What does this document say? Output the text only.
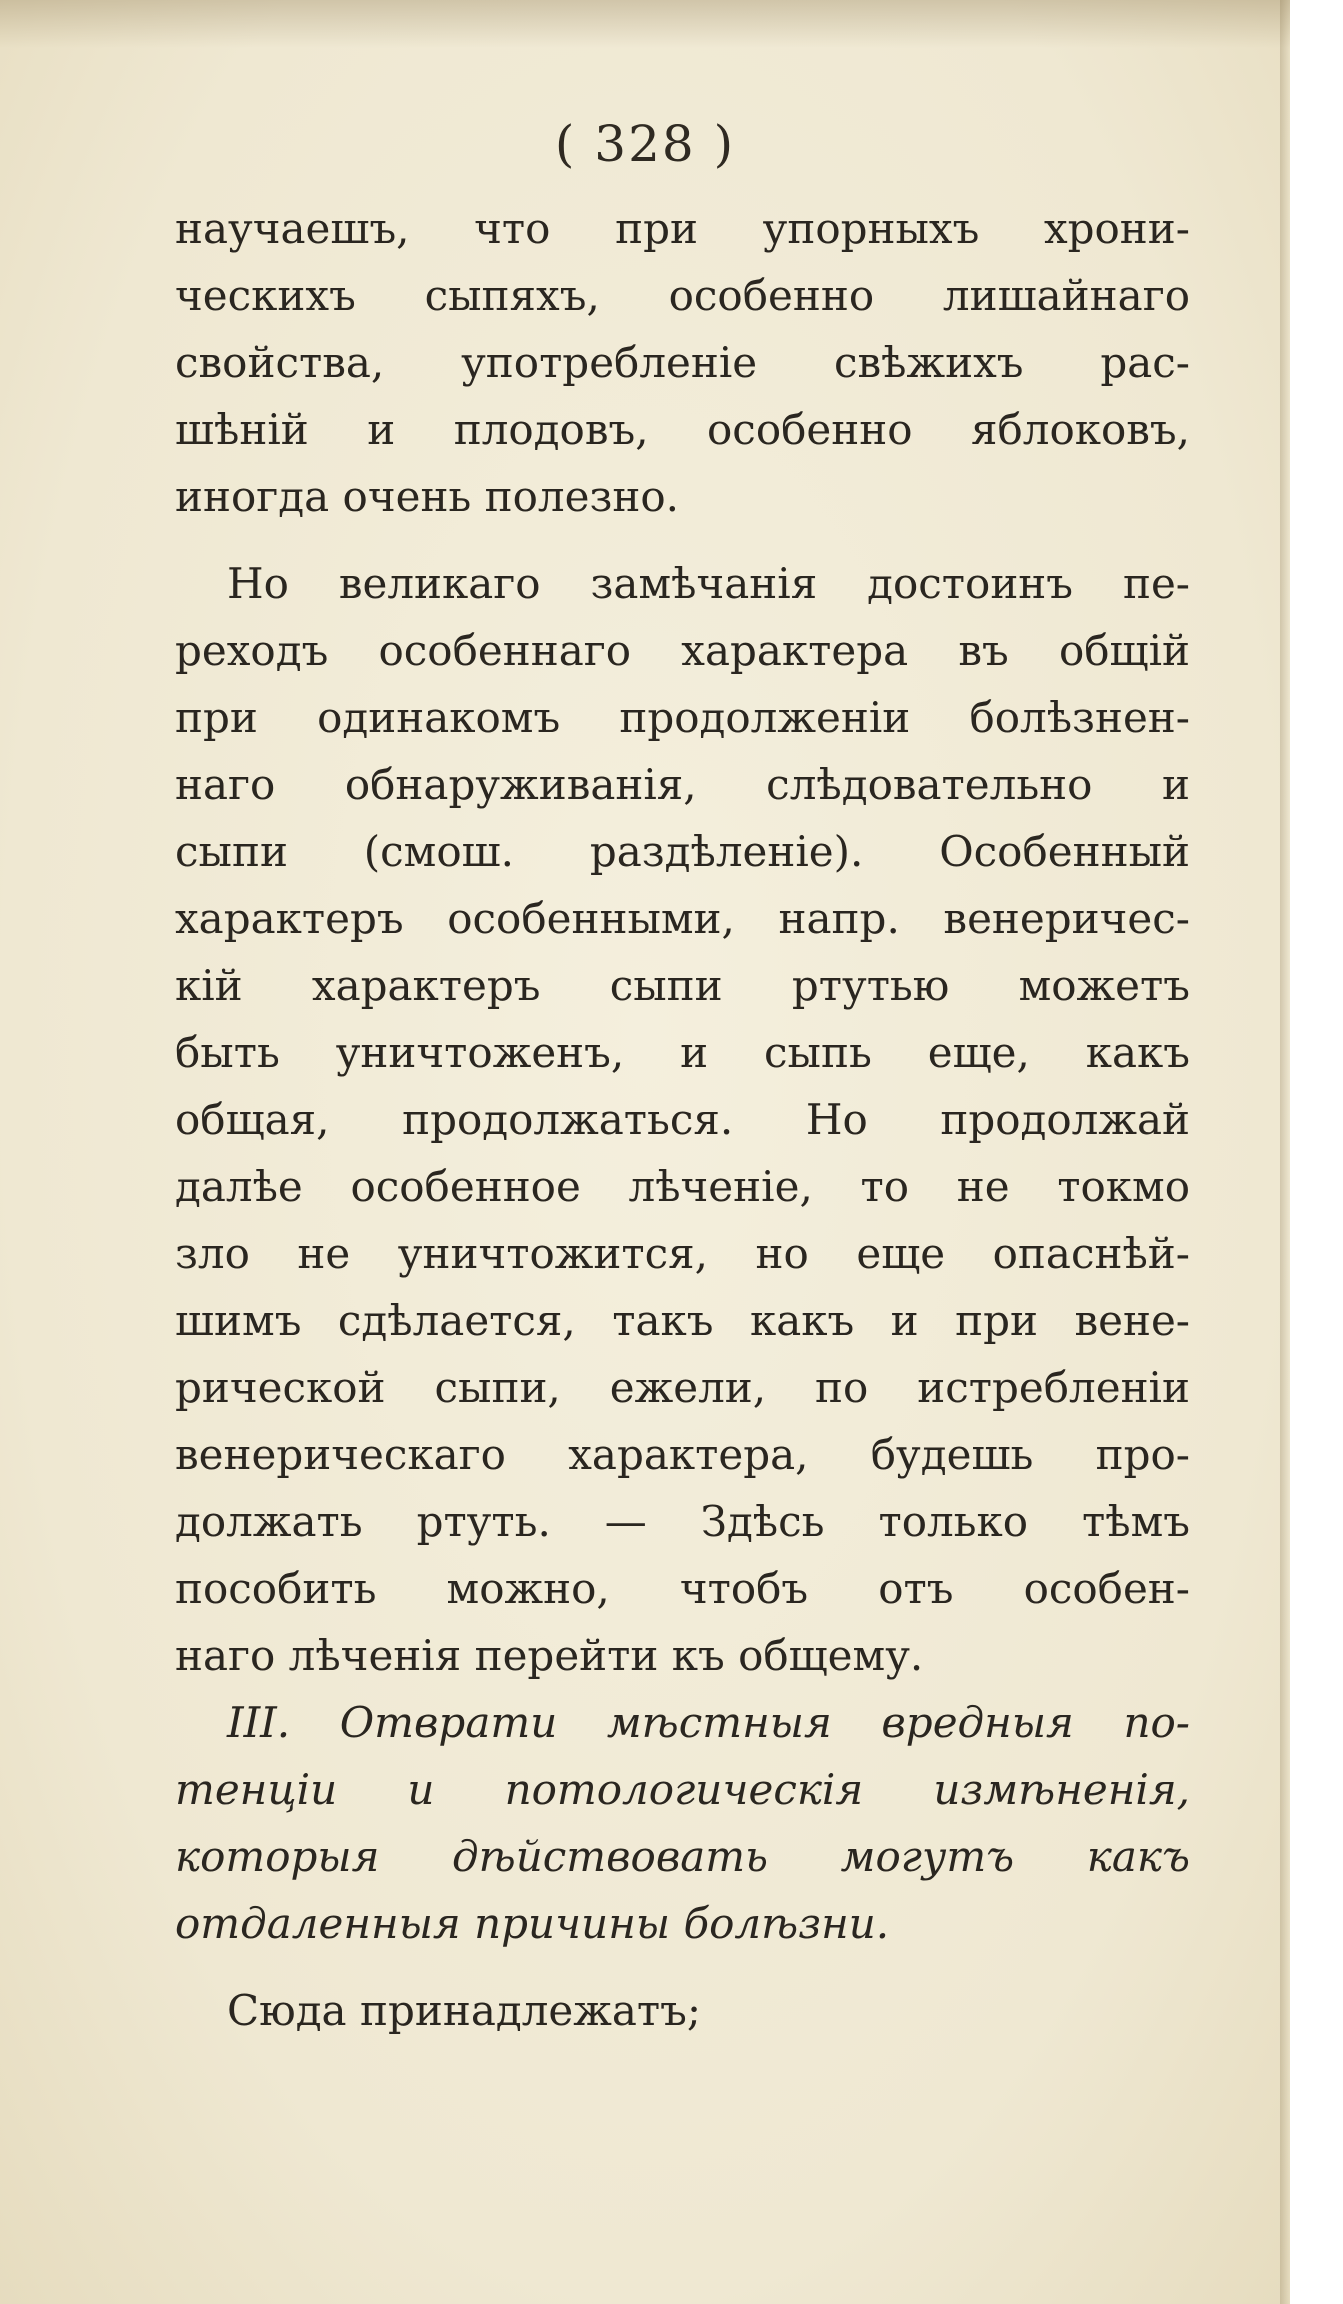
( 328 )
научаешъ, что при упорныхъ хрони-
ческихъ сыпяхъ, особенно лишайнаго
свойства, употребленіе свѣжихъ рас-
шѣній и плодовъ, особенно яблоковъ,
иногда очень полезно.
Но великаго замѣчанія достоинъ пе-
реходъ особеннаго характера въ общій
при одинакомъ продолженіи болѣзнен-
наго обнаруживанія, слѣдовательно и
сыпи (смош. раздѣленіе). Особенный
характеръ особенными, напр. венеричес-
кій характеръ сыпи ртутью можетъ
быть уничтоженъ, и сыпь еще, какъ
общая, продолжаться. Но продолжай
далѣе особенное лѣченіе, то не токмо
зло не уничтожится, но еще опаснѣй-
шимъ сдѣлается, такъ какъ и при вене-
рической сыпи, ежели, по истребленіи
венерическаго характера, будешь про-
должать ртуть. — Здѣсь только тѣмъ
пособить можно, чтобъ отъ особен-
наго лѣченія перейти къ общему.
III. Отврати мѣстныя вредныя по-
тенціи и потологическія измѣненія,
которыя дѣйствовать могутъ какъ
отдаленныя причины болѣзни.
Сюда принадлежатъ;
